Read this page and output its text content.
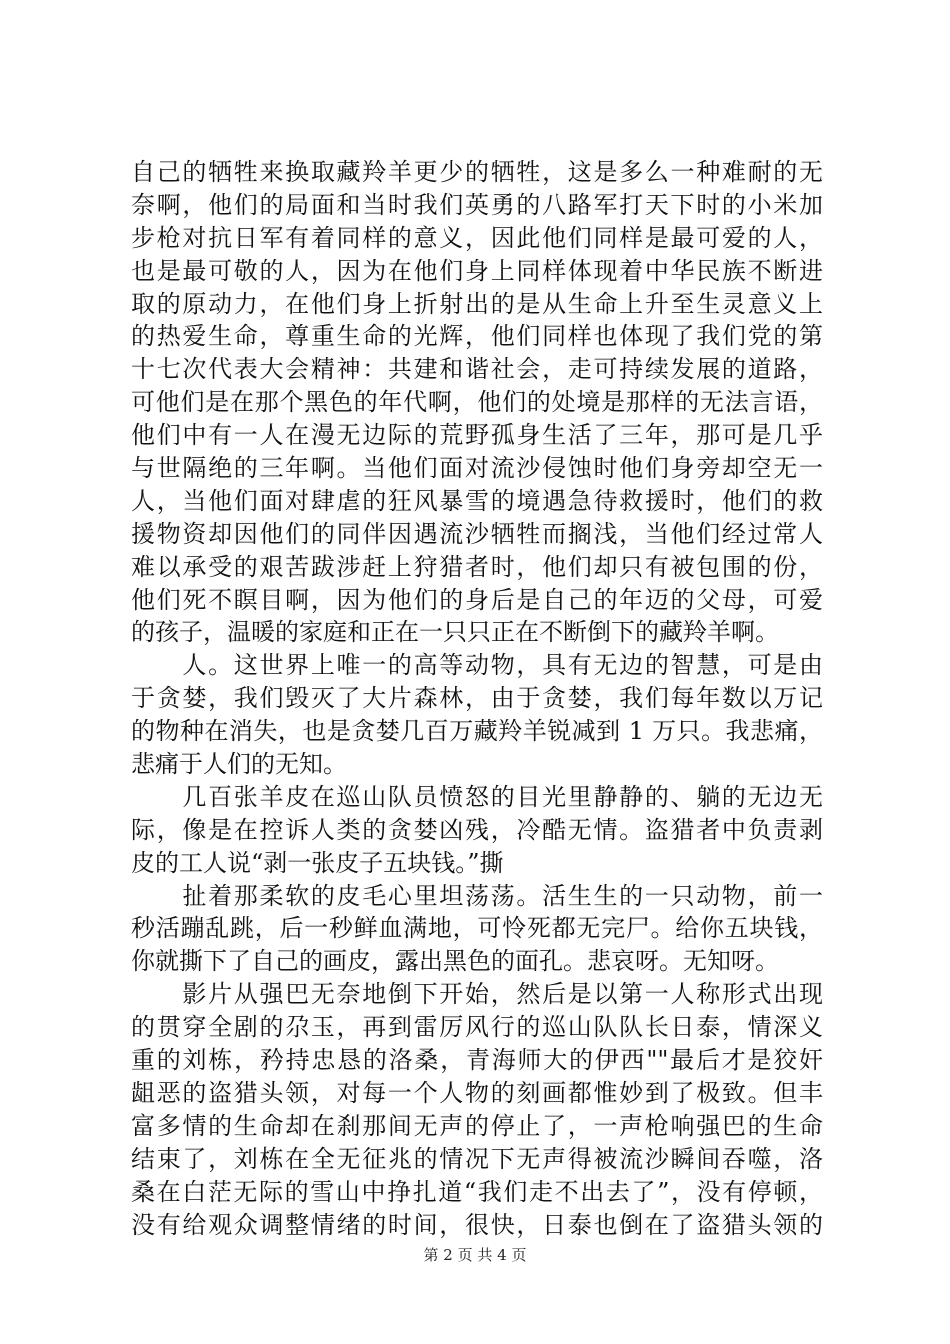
自己的牺牲来换取藏羚羊更少的牺牲，这是多么一种难耐的无
奈啊，他们的局面和当时我们英勇的八路军打天下时的小米加
步枪对抗日军有着同样的意义，因此他们同样是最可爱的人，
也是最可敬的人，因为在他们身上同样体现着中华民族不断进
取的原动力，在他们身上折射出的是从生命上升至生灵意义上
的热爱生命，尊重生命的光辉，他们同样也体现了我们党的第
十七次代表大会精神：共建和谐社会，走可持续发展的道路，
可他们是在那个黑色的年代啊，他们的处境是那样的无法言语，
他们中有一人在漫无边际的荒野孤身生活了三年，那可是几乎
与世隔绝的三年啊。当他们面对流沙侵蚀时他们身旁却空无一
人，当他们面对肆虐的狂风暴雪的境遇急待救援时，他们的救
援物资却因他们的同伴因遇流沙牺牲而搁浅，当他们经过常人
难以承受的艰苦跋涉赶上狩猎者时，他们却只有被包围的份，
他们死不瞑目啊，因为他们的身后是自己的年迈的父母，可爱
的孩子，温暖的家庭和正在一只只正在不断倒下的藏羚羊啊。
　　人。这世界上唯一的高等动物，具有无边的智慧，可是由
于贪婪，我们毁灭了大片森林，由于贪婪，我们每年数以万记
的物种在消失，也是贪婪几百万藏羚羊锐减到 1 万只。我悲痛，
悲痛于人们的无知。
　　几百张羊皮在巡山队员愤怒的目光里静静的、躺的无边无
际，像是在控诉人类的贪婪凶残，冷酷无情。盗猎者中负责剥
皮的工人说“剥一张皮子五块钱。”撕
　　扯着那柔软的皮毛心里坦荡荡。活生生的一只动物，前一
秒活蹦乱跳，后一秒鲜血满地，可怜死都无完尸。给你五块钱，
你就撕下了自己的画皮，露出黑色的面孔。悲哀呀。无知呀。
　　影片从强巴无奈地倒下开始，然后是以第一人称形式出现
的贯穿全剧的尕玉，再到雷厉风行的巡山队队长日泰，情深义
重的刘栋，矜持忠恳的洛桑，青海师大的伊西""最后才是狡奸
龃恶的盗猎头领，对每一个人物的刻画都惟妙到了极致。但丰
富多情的生命却在刹那间无声的停止了，一声枪响强巴的生命
结束了，刘栋在全无征兆的情况下无声得被流沙瞬间吞噬，洛
桑在白茫无际的雪山中挣扎道“我们走不出去了”，没有停顿，
没有给观众调整情绪的时间，很快，日泰也倒在了盗猎头领的
第 2 页 共 4 页
